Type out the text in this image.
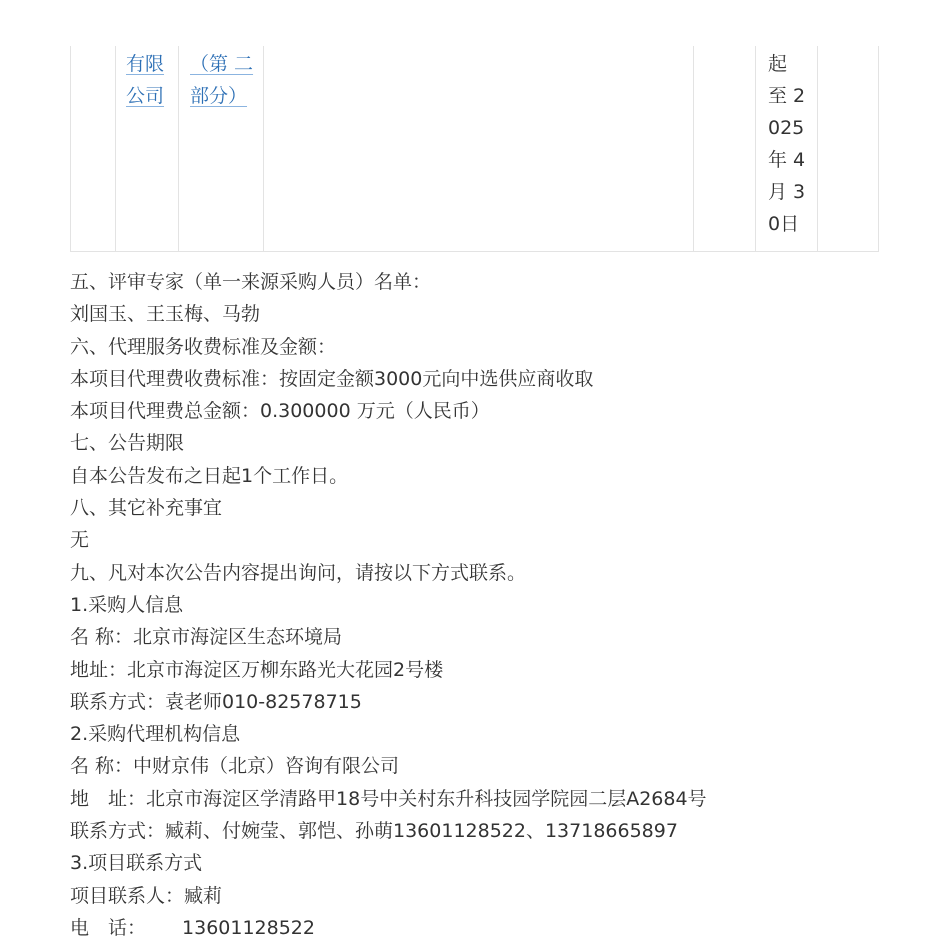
有限
公司
（第 二
部分）
起
至 2
025
年 4
月 3
0日
五、评审专家（单一来源采购人员）名单：
刘国玉、王玉梅、马勃
六、代理服务收费标准及金额：
本项目代理费收费标准：按固定金额3000元向中选供应商收取
本项目代理费总金额：0.300000 万元（人民币）
七、公告期限
自本公告发布之日起1个工作日。
八、其它补充事宜
无
九、凡对本次公告内容提出询问，请按以下方式联系。
1.采购人信息
名 称：北京市海淀区生态环境局
地址：北京市海淀区万柳东路光大花园2号楼
联系方式：袁老师010-82578715
2.采购代理机构信息
名 称：中财京伟（北京）咨询有限公司
地　址：北京市海淀区学清路甲18号中关村东升科技园学院园二层A2684号
联系方式：臧莉、付婉莹、郭恺、孙萌13601128522、13718665897
3.项目联系方式
项目联系人：臧莉
电　话： 13601128522
